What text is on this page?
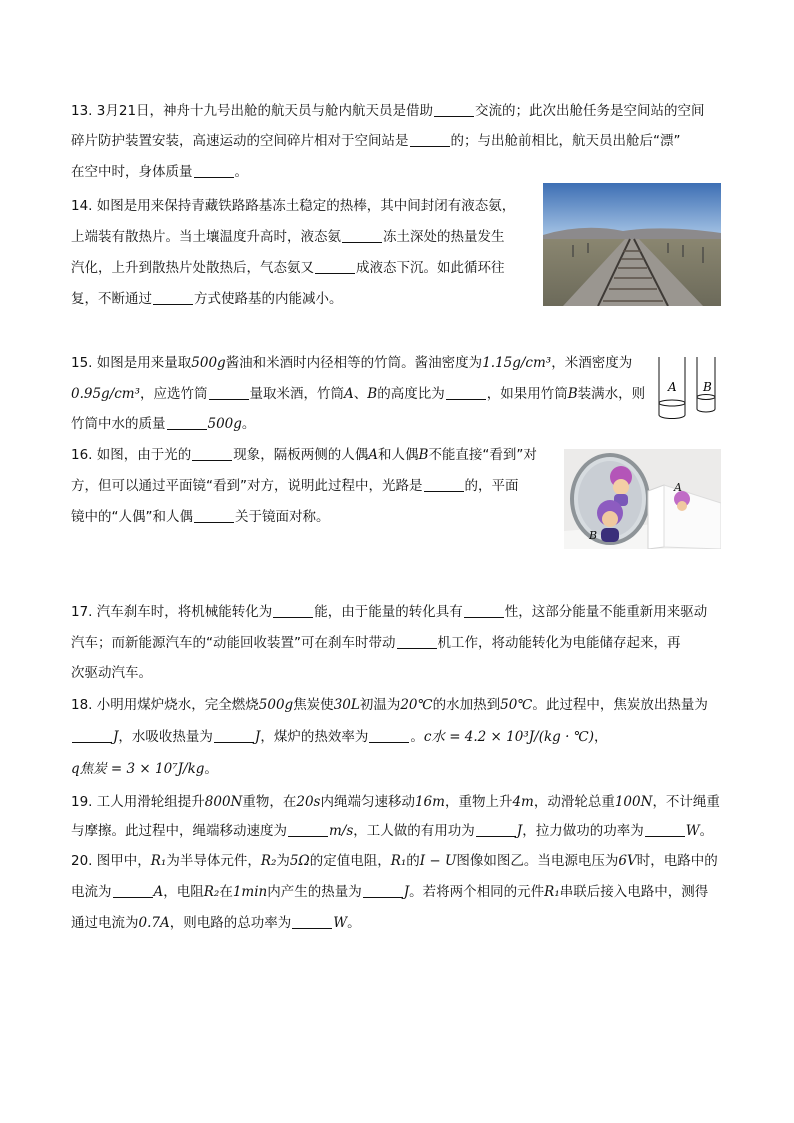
13. 3月21日，神舟十九号出舱的航天员与舱内航天员是借助	交流的；此次出舱任务是空间站的空间
碎片防护装置安装，高速运动的空间碎片相对于空间站是	的；与出舱前相比，航天员出舱后“漂”
在空中时，身体质量	。
14. 如图是用来保持青藏铁路路基冻土稳定的热棒，其中间封闭有液态氨，
上端装有散热片。当土壤温度升高时，液态氨	冻土深处的热量发生
汽化，上升到散热片处散热后，气态氨又	成液态下沉。如此循环往
复，不断通过	方式使路基的内能减小。
15. 如图是用来量取500g酱油和米酒时内径相等的竹筒。酱油密度为1.15g/cm³，米酒密度为
0.95g/cm³，应选竹筒	量取米酒，竹筒A、B的高度比为	，如果用竹筒B装满水，则
竹筒中水的质量	500g。
A B
16. 如图，由于光的	现象，隔板两侧的人偶A和人偶B不能直接“看到”对
方，但可以通过平面镜“看到”对方，说明此过程中，光路是	的，平面
镜中的“人偶”和人偶	关于镜面对称。
A
B
17. 汽车刹车时，将机械能转化为	能，由于能量的转化具有	性，这部分能量不能重新用来驱动
汽车；而新能源汽车的“动能回收装置”可在刹车时带动	机工作，将动能转化为电能储存起来，再
次驱动汽车。
18. 小明用煤炉烧水，完全燃烧500g焦炭使30L初温为20℃的水加热到50℃。此过程中，焦炭放出热量为
J，水吸收热量为	J，煤炉的热效率为	。c水 = 4.2 × 10³J/(kg · ℃)，
q焦炭 = 3 × 10⁷J/kg。
19. 工人用滑轮组提升800N重物，在20s内绳端匀速移动16m，重物上升4m，动滑轮总重100N，不计绳重
与摩擦。此过程中，绳端移动速度为	m/s，工人做的有用功为	J，拉力做功的功率为	W。
20. 图甲中，R₁为半导体元件，R₂为5Ω的定值电阻，R₁的I − U图像如图乙。当电源电压为6V时，电路中的
电流为	A，电阻R₂在1min内产生的热量为	J。若将两个相同的元件R₁串联后接入电路中，测得
通过电流为0.7A，则电路的总功率为	W。
